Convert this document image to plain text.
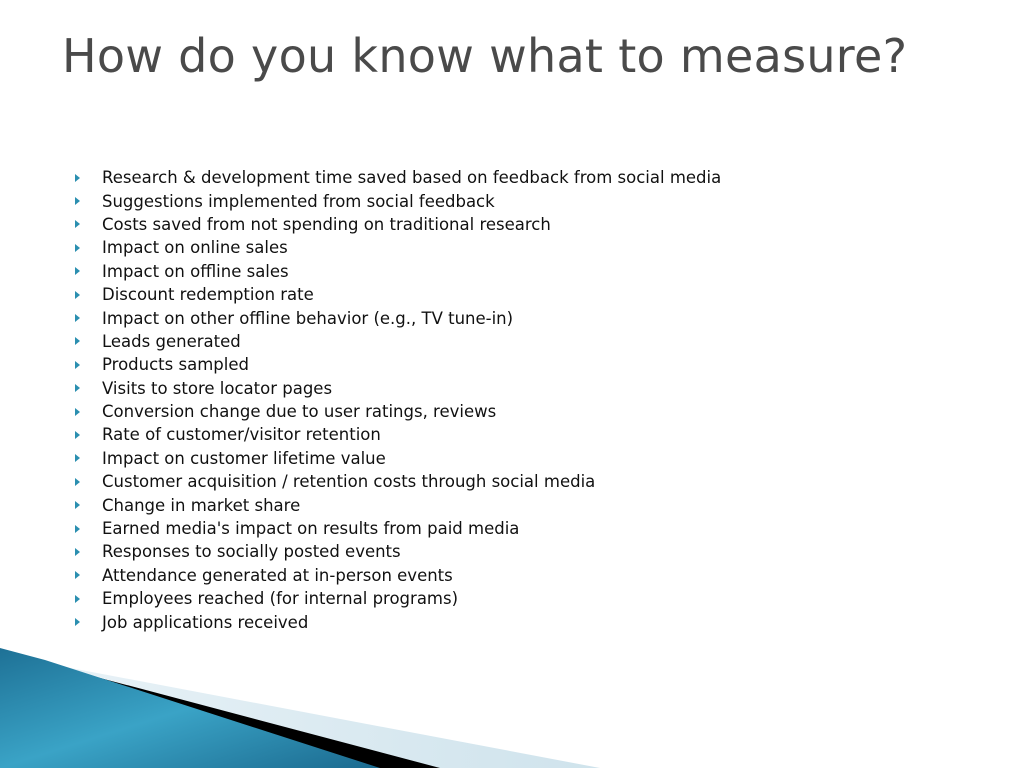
How do you know what to measure?
Research & development time saved based on feedback from social media
Suggestions implemented from social feedback
Costs saved from not spending on traditional research
Impact on online sales
Impact on offline sales
Discount redemption rate
Impact on other offline behavior (e.g., TV tune-in)
Leads generated
Products sampled
Visits to store locator pages
Conversion change due to user ratings, reviews
Rate of customer/visitor retention
Impact on customer lifetime value
Customer acquisition / retention costs through social media
Change in market share
Earned media's impact on results from paid media
Responses to socially posted events
Attendance generated at in-person events
Employees reached (for internal programs)
Job applications received
